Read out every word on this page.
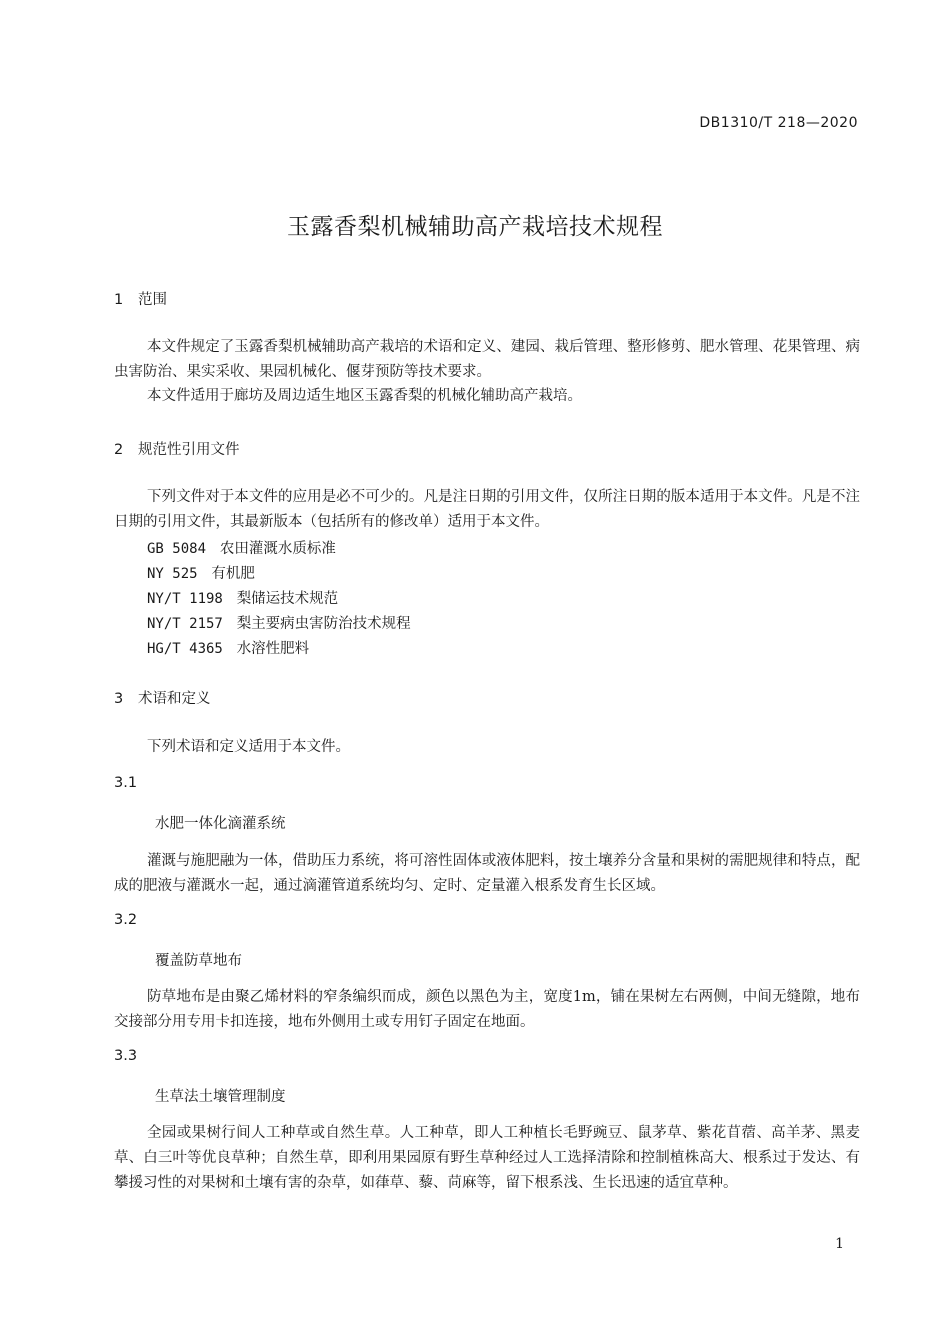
DB1310/T 218—2020
玉露香梨机械辅助高产栽培技术规程
1 范围
本文件规定了玉露香梨机械辅助高产栽培的术语和定义、建园、栽后管理、整形修剪、肥水管理、花果管理、病虫害防治、果实采收、果园机械化、偃芽预防等技术要求。
本文件适用于廊坊及周边适生地区玉露香梨的机械化辅助高产栽培。
2 规范性引用文件
下列文件对于本文件的应用是必不可少的。凡是注日期的引用文件，仅所注日期的版本适用于本文件。凡是不注日期的引用文件，其最新版本（包括所有的修改单）适用于本文件。
GB 5084 农田灌溉水质标准
NY 525 有机肥
NY/T 1198 梨储运技术规范
NY/T 2157 梨主要病虫害防治技术规程
HG/T 4365 水溶性肥料
3 术语和定义
下列术语和定义适用于本文件。
3.1
水肥一体化滴灌系统
灌溉与施肥融为一体，借助压力系统，将可溶性固体或液体肥料，按土壤养分含量和果树的需肥规律和特点，配成的肥液与灌溉水一起，通过滴灌管道系统均匀、定时、定量灌入根系发育生长区域。
3.2
覆盖防草地布
防草地布是由聚乙烯材料的窄条编织而成，颜色以黑色为主，宽度1m，铺在果树左右两侧，中间无缝隙，地布交接部分用专用卡扣连接，地布外侧用土或专用钉子固定在地面。
3.3
生草法土壤管理制度
全园或果树行间人工种草或自然生草。人工种草，即人工种植长毛野豌豆、鼠茅草、紫花苜蓿、高羊茅、黑麦草、白三叶等优良草种；自然生草，即利用果园原有野生草种经过人工选择清除和控制植株高大、根系过于发达、有攀援习性的对果树和土壤有害的杂草，如葎草、藜、苘麻等，留下根系浅、生长迅速的适宜草种。
1
